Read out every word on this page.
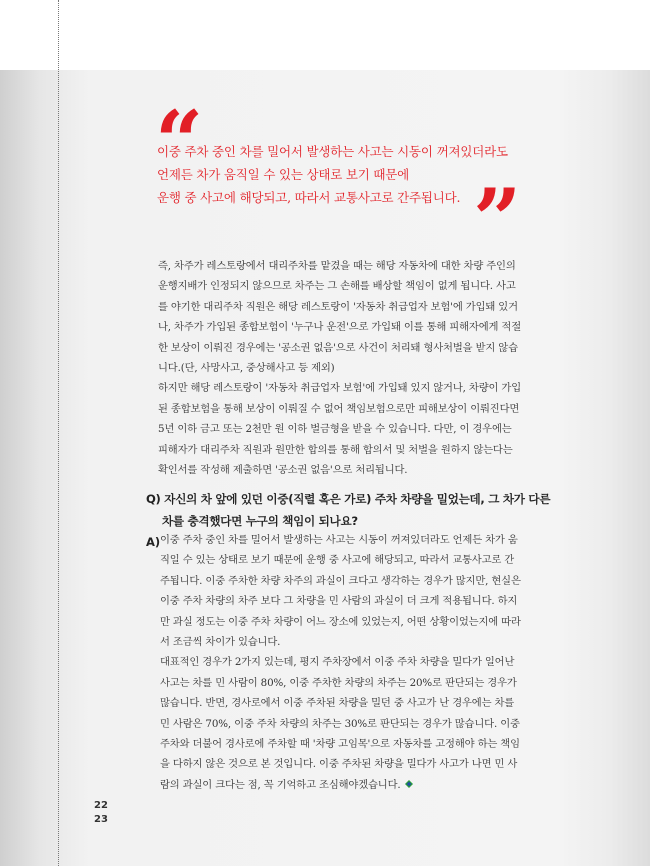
“
이중 주차 중인 차를 밀어서 발생하는 사고는 시동이 꺼져있더라도
언제든 차가 움직일 수 있는 상태로 보기 때문에
운행 중 사고에 해당되고, 따라서 교통사고로 간주됩니다. ”
즉, 차주가 레스토랑에서 대리주차를 맡겼을 때는 해당 자동차에 대한 차량 주인의
운행지배가 인정되지 않으므로 차주는 그 손해를 배상할 책임이 없게 됩니다. 사고
를 야기한 대리주차 직원은 해당 레스토랑이 '자동차 취급업자 보험'에 가입돼 있거
나, 차주가 가입된 종합보험이 '누구나 운전'으로 가입돼 이를 통해 피해자에게 적절
한 보상이 이뤄진 경우에는 '공소권 없음'으로 사건이 처리돼 형사처벌을 받지 않습
니다.(단, 사망사고, 중상해사고 등 제외)
하지만 해당 레스토랑이 '자동차 취급업자 보험'에 가입돼 있지 않거나, 차량이 가입
된 종합보험을 통해 보상이 이뤄질 수 없어 책임보험으로만 피해보상이 이뤄진다면
5년 이하 금고 또는 2천만 원 이하 벌금형을 받을 수 있습니다. 다만, 이 경우에는
피해자가 대리주차 직원과 원만한 합의를 통해 합의서 및 처벌을 원하지 않는다는
확인서를 작성해 제출하면 '공소권 없음'으로 처리됩니다.
Q) 자신의 차 앞에 있던 이중(직렬 혹은 가로) 주차 차량을 밀었는데, 그 차가 다른
차를 충격했다면 누구의 책임이 되나요?
A) 이중 주차 중인 차를 밀어서 발생하는 사고는 시동이 꺼져있더라도 언제든 차가 움
직일 수 있는 상태로 보기 때문에 운행 중 사고에 해당되고, 따라서 교통사고로 간
주됩니다. 이중 주차한 차량 차주의 과실이 크다고 생각하는 경우가 많지만, 현실은
이중 주차 차량의 차주 보다 그 차량을 민 사람의 과실이 더 크게 적용됩니다. 하지
만 과실 정도는 이중 주차 차량이 어느 장소에 있었는지, 어떤 상황이었는지에 따라
서 조금씩 차이가 있습니다.
대표적인 경우가 2가지 있는데, 평지 주차장에서 이중 주차 차량을 밀다가 일어난
사고는 차를 민 사람이 80%, 이중 주차한 차량의 차주는 20%로 판단되는 경우가
많습니다. 반면, 경사로에서 이중 주차된 차량을 밀던 중 사고가 난 경우에는 차를
민 사람은 70%, 이중 주차 차량의 차주는 30%로 판단되는 경우가 많습니다. 이중
주차와 더불어 경사로에 주차할 때 '차량 고임목'으로 자동차를 고정해야 하는 책임
을 다하지 않은 것으로 본 것입니다. 이중 주차된 차량을 밀다가 사고가 나면 민 사
람의 과실이 크다는 점, 꼭 기억하고 조심해야겠습니다.
22
23
